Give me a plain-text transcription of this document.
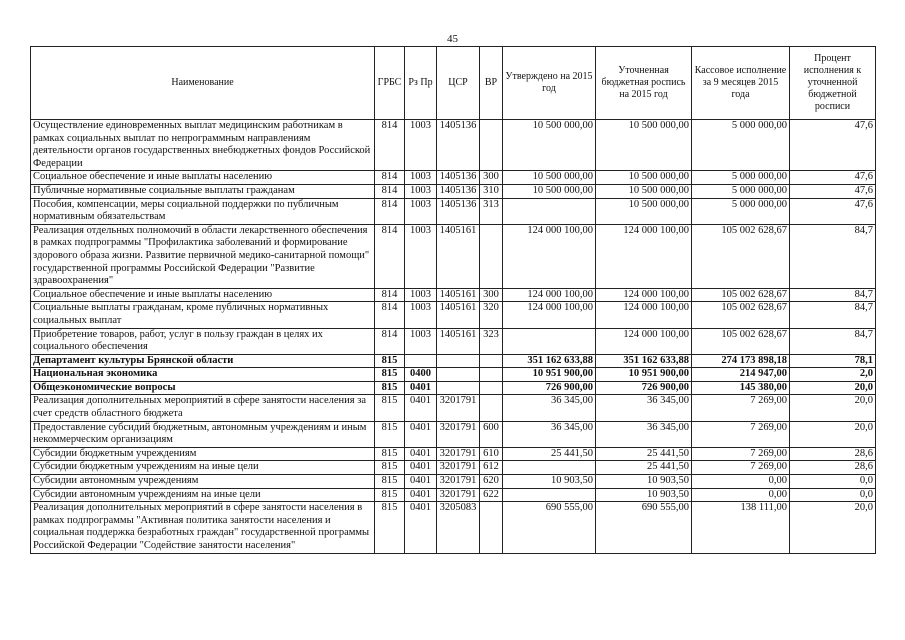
45
Наименование	ГРБС	Рз Пр	ЦСР	ВР	Утверждено на 2015 год	Уточненная бюджетная роспись на 2015 год	Кассовое исполнение за 9 месяцев 2015 года	Процент исполнения к уточненной бюджетной росписи
Осуществление единовременных выплат медицинским работникам в рамках социальных выплат по непрограммным направлениям деятельности органов государственных внебюджетных фондов Российской Федерации	814	1003	1405136		10 500 000,00	10 500 000,00	5 000 000,00	47,6
Социальное обеспечение и иные выплаты населению	814	1003	1405136	300	10 500 000,00	10 500 000,00	5 000 000,00	47,6
Публичные нормативные социальные выплаты гражданам	814	1003	1405136	310	10 500 000,00	10 500 000,00	5 000 000,00	47,6
Пособия, компенсации, меры социальной поддержки по публичным нормативным обязательствам	814	1003	1405136	313		10 500 000,00	5 000 000,00	47,6
Реализация отдельных полномочий в области лекарственного обеспечения в рамках подпрограммы "Профилактика заболеваний и формирование здорового образа жизни. Развитие первичной медико-санитарной помощи" государственной программы Российской Федерации "Развитие здравоохранения"	814	1003	1405161		124 000 100,00	124 000 100,00	105 002 628,67	84,7
Социальное обеспечение и иные выплаты населению	814	1003	1405161	300	124 000 100,00	124 000 100,00	105 002 628,67	84,7
Социальные выплаты гражданам, кроме публичных нормативных социальных выплат	814	1003	1405161	320	124 000 100,00	124 000 100,00	105 002 628,67	84,7
Приобретение товаров, работ, услуг в пользу граждан в целях их социального обеспечения	814	1003	1405161	323		124 000 100,00	105 002 628,67	84,7
Департамент культуры Брянской области	815				351 162 633,88	351 162 633,88	274 173 898,18	78,1
Национальная экономика	815	0400			10 951 900,00	10 951 900,00	214 947,00	2,0
Общеэкономические вопросы	815	0401			726 900,00	726 900,00	145 380,00	20,0
Реализация дополнительных мероприятий в сфере занятости населения за счет средств областного бюджета	815	0401	3201791		36 345,00	36 345,00	7 269,00	20,0
Предоставление субсидий бюджетным, автономным учреждениям и иным некоммерческим организациям	815	0401	3201791	600	36 345,00	36 345,00	7 269,00	20,0
Субсидии бюджетным учреждениям	815	0401	3201791	610	25 441,50	25 441,50	7 269,00	28,6
Субсидии бюджетным учреждениям на иные цели	815	0401	3201791	612		25 441,50	7 269,00	28,6
Субсидии автономным учреждениям	815	0401	3201791	620	10 903,50	10 903,50	0,00	0,0
Субсидии автономным учреждениям на иные цели	815	0401	3201791	622		10 903,50	0,00	0,0
Реализация дополнительных мероприятий в сфере занятости населения в рамках подпрограммы "Активная политика занятости населения и социальная поддержка безработных граждан" государственной программы Российской Федерации "Содействие занятости населения"	815	0401	3205083		690 555,00	690 555,00	138 111,00	20,0
